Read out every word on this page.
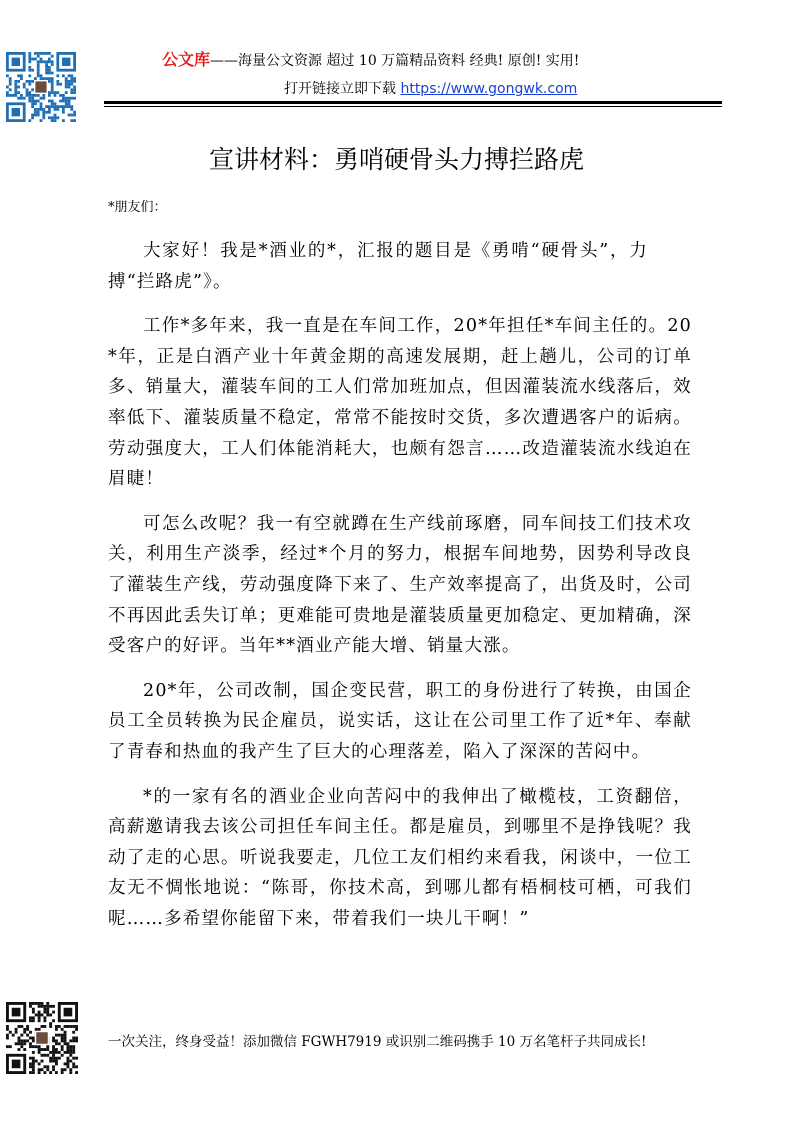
公文库——海量公文资源 超过 10 万篇精品资料 经典! 原创! 实用!
打开链接立即下载 https://www.gongwk.com
宣讲材料：勇哨硬骨头力搏拦路虎
*朋友们：

大家好！我是*酒业的*，汇报的题目是《勇啃“硬骨头”，力搏“拦路虎”》。

工作*多年来，我一直是在车间工作，20*年担任*车间主任的。20*年，正是白酒产业十年黄金期的高速发展期，赶上趟儿，公司的订单多、销量大，灌装车间的工人们常加班加点，但因灌装流水线落后，效率低下、灌装质量不稳定，常常不能按时交货，多次遭遇客户的诟病。劳动强度大，工人们体能消耗大，也颇有怨言……改造灌装流水线迫在眉睫！

可怎么改呢？我一有空就蹲在生产线前琢磨，同车间技工们技术攻关，利用生产淡季，经过*个月的努力，根据车间地势，因势利导改良了灌装生产线，劳动强度降下来了、生产效率提高了，出货及时，公司不再因此丢失订单；更难能可贵地是灌装质量更加稳定、更加精确，深受客户的好评。当年**酒业产能大增、销量大涨。

20*年，公司改制，国企变民营，职工的身份进行了转换，由国企员工全员转换为民企雇员，说实话，这让在公司里工作了近*年、奉献了青春和热血的我产生了巨大的心理落差，陷入了深深的苦闷中。

*的一家有名的酒业企业向苦闷中的我伸出了橄榄枝，工资翻倍，高薪邀请我去该公司担任车间主任。都是雇员，到哪里不是挣钱呢？我动了走的心思。听说我要走，几位工友们相约来看我，闲谈中，一位工友无不惆怅地说：“陈哥，你技术高，到哪儿都有梧桐枝可栖，可我们呢……多希望你能留下来，带着我们一块儿干啊！”

一次关注，终身受益！添加微信 FGWH7919 或识别二维码携手 10 万名笔杆子共同成长!
